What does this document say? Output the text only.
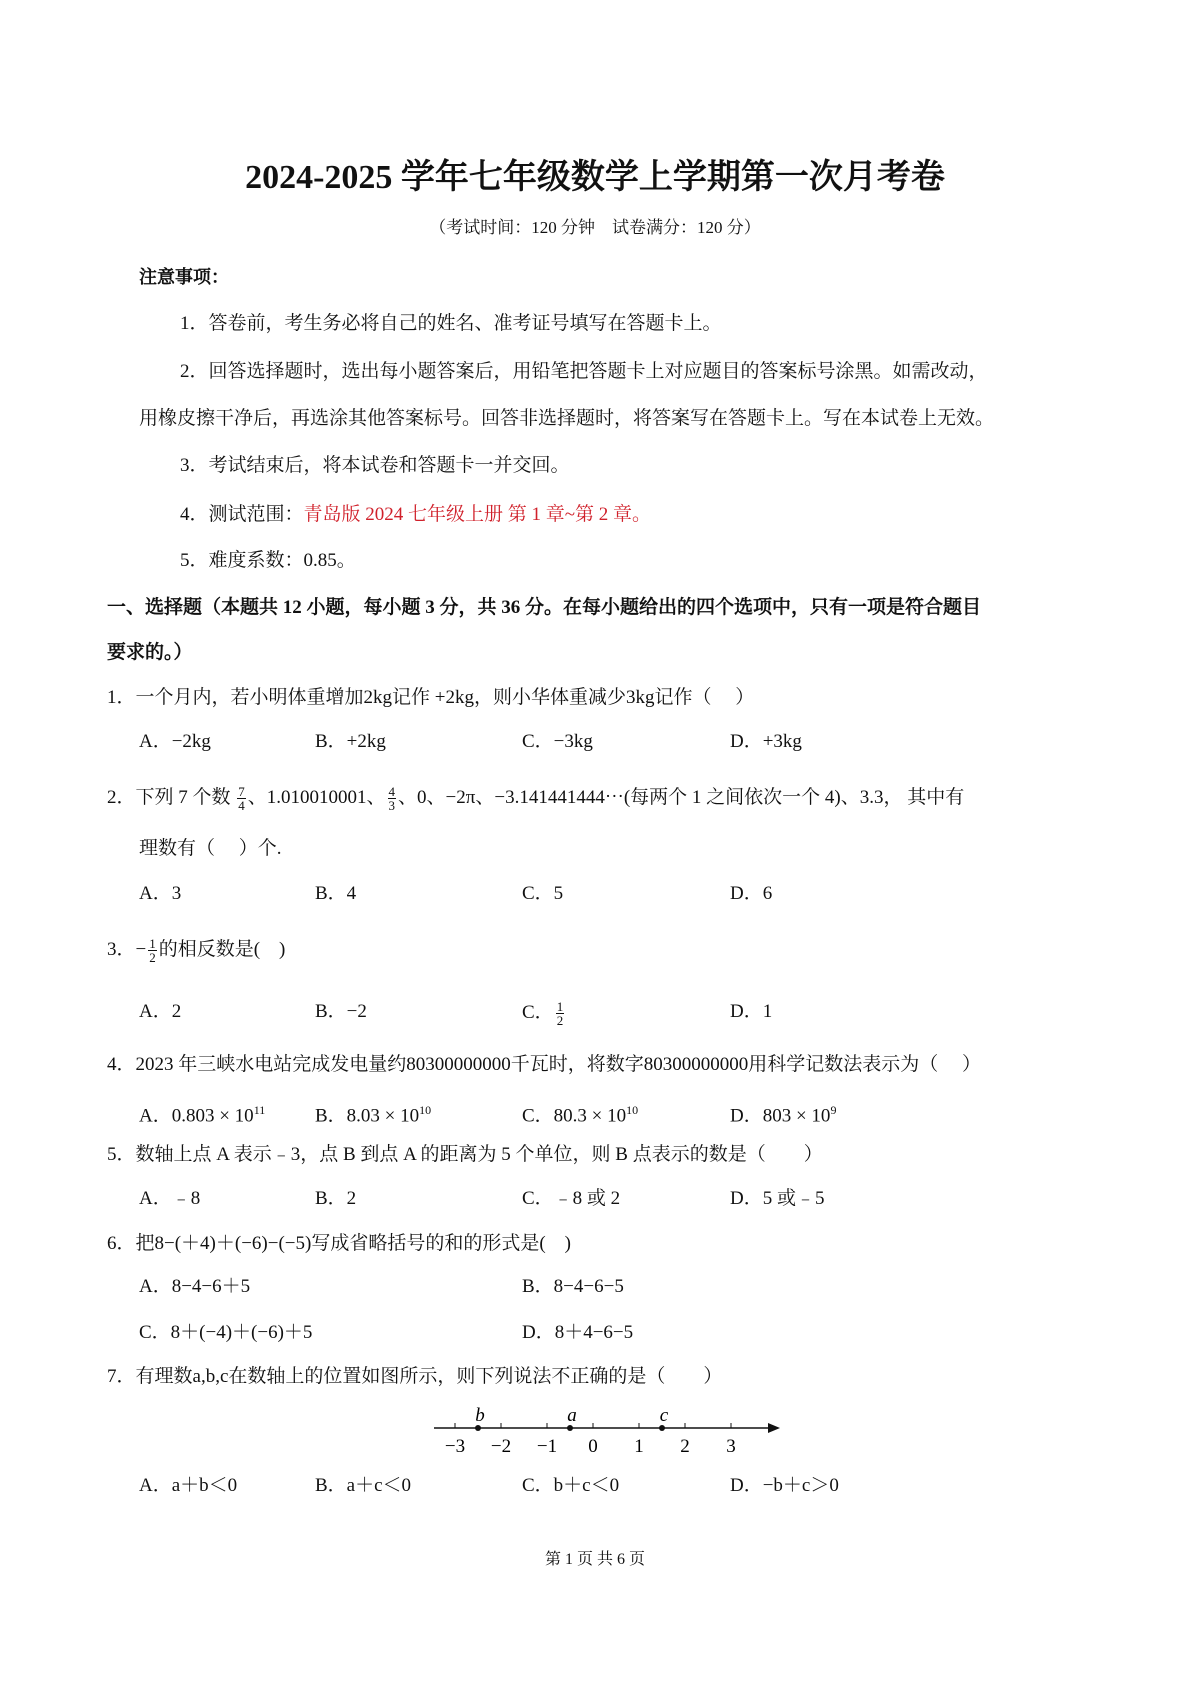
2024-2025 学年七年级数学上学期第一次月考卷
（考试时间：120 分钟　试卷满分：120 分）
注意事项：
1．答卷前，考生务必将自己的姓名、准考证号填写在答题卡上。
2．回答选择题时，选出每小题答案后，用铅笔把答题卡上对应题目的答案标号涂黑。如需改动，
用橡皮擦干净后，再选涂其他答案标号。回答非选择题时，将答案写在答题卡上。写在本试卷上无效。
3．考试结束后，将本试卷和答题卡一并交回。
4．测试范围：青岛版 2024 七年级上册 第 1 章~第 2 章。
5．难度系数：0.85。
一、选择题（本题共 12 小题，每小题 3 分，共 36 分。在每小题给出的四个选项中，只有一项是符合题目
要求的。）
1．一个月内，若小明体重增加2kg记作 +2kg，则小华体重减少3kg记作（　 ）
A．−2kg	B．+2kg	C．−3kg	D．+3kg
2．下列 7 个数 $\frac{7}{4}$ 、1.010010001、 $\frac{4}{3}$ 、0、−2π、−3.141441444⋯(每两个 1 之间依次一个 4)、3.3， 其中有
理数有（　 ）个.
A．3	B．4	C．5	D．6
3．− $\frac{1}{2}$ 的相反数是(　)
A．2	B．−2	C． $\frac{1}{2}$	D．1
4．2023 年三峡水电站完成发电量约80300000000千瓦时，将数字80300000000用科学记数法表示为（　 ）
A．$0.803 \times 10^{11}$	B．$8.03 \times 10^{10}$	C．$80.3 \times 10^{10}$	D．$803 \times 10^9$
5．数轴上点 A 表示﹣3，点 B 到点 A 的距离为 5 个单位，则 B 点表示的数是（　　）
A．﹣8	B．2	C．﹣8 或 2	D．5 或﹣5
6．把8−(＋4)＋(−6)−(−5)写成省略括号的和的形式是(　)
A．8−4−6＋5	B．8−4−6−5
C．8＋(−4)＋(−6)＋5	D．8＋4−6−5
7．有理数a,b,c在数轴上的位置如图所示，则下列说法不正确的是（　　）
−3 −2 −1 0 1 2 3
b	a	c
A．a＋b＜0	B．a＋c＜0	C．b＋c＜0	D．−b＋c＞0
第 1 页 共 6 页
